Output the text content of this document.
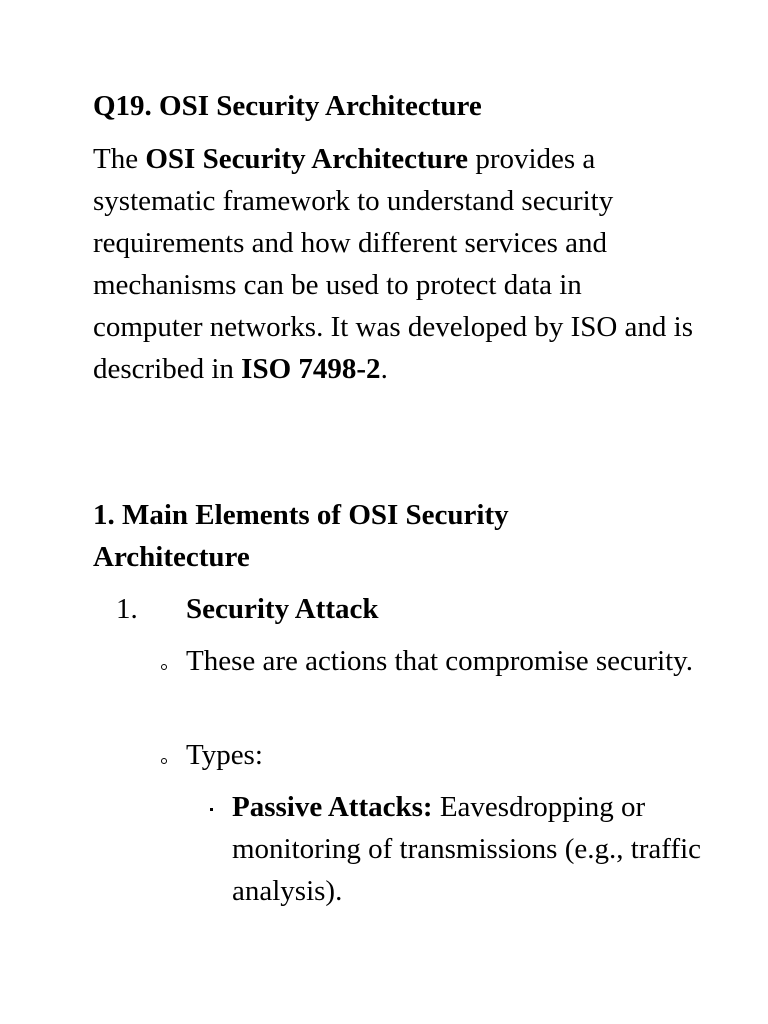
Q19. OSI Security Architecture

The OSI Security Architecture provides a systematic framework to understand security requirements and how different services and mechanisms can be used to protect data in computer networks. It was developed by ISO and is described in ISO 7498-2.

1. Main Elements of OSI Security Architecture
1. Security Attack
These are actions that compromise security.
Types:
Passive Attacks: Eavesdropping or monitoring of transmissions (e.g., traffic analysis).
